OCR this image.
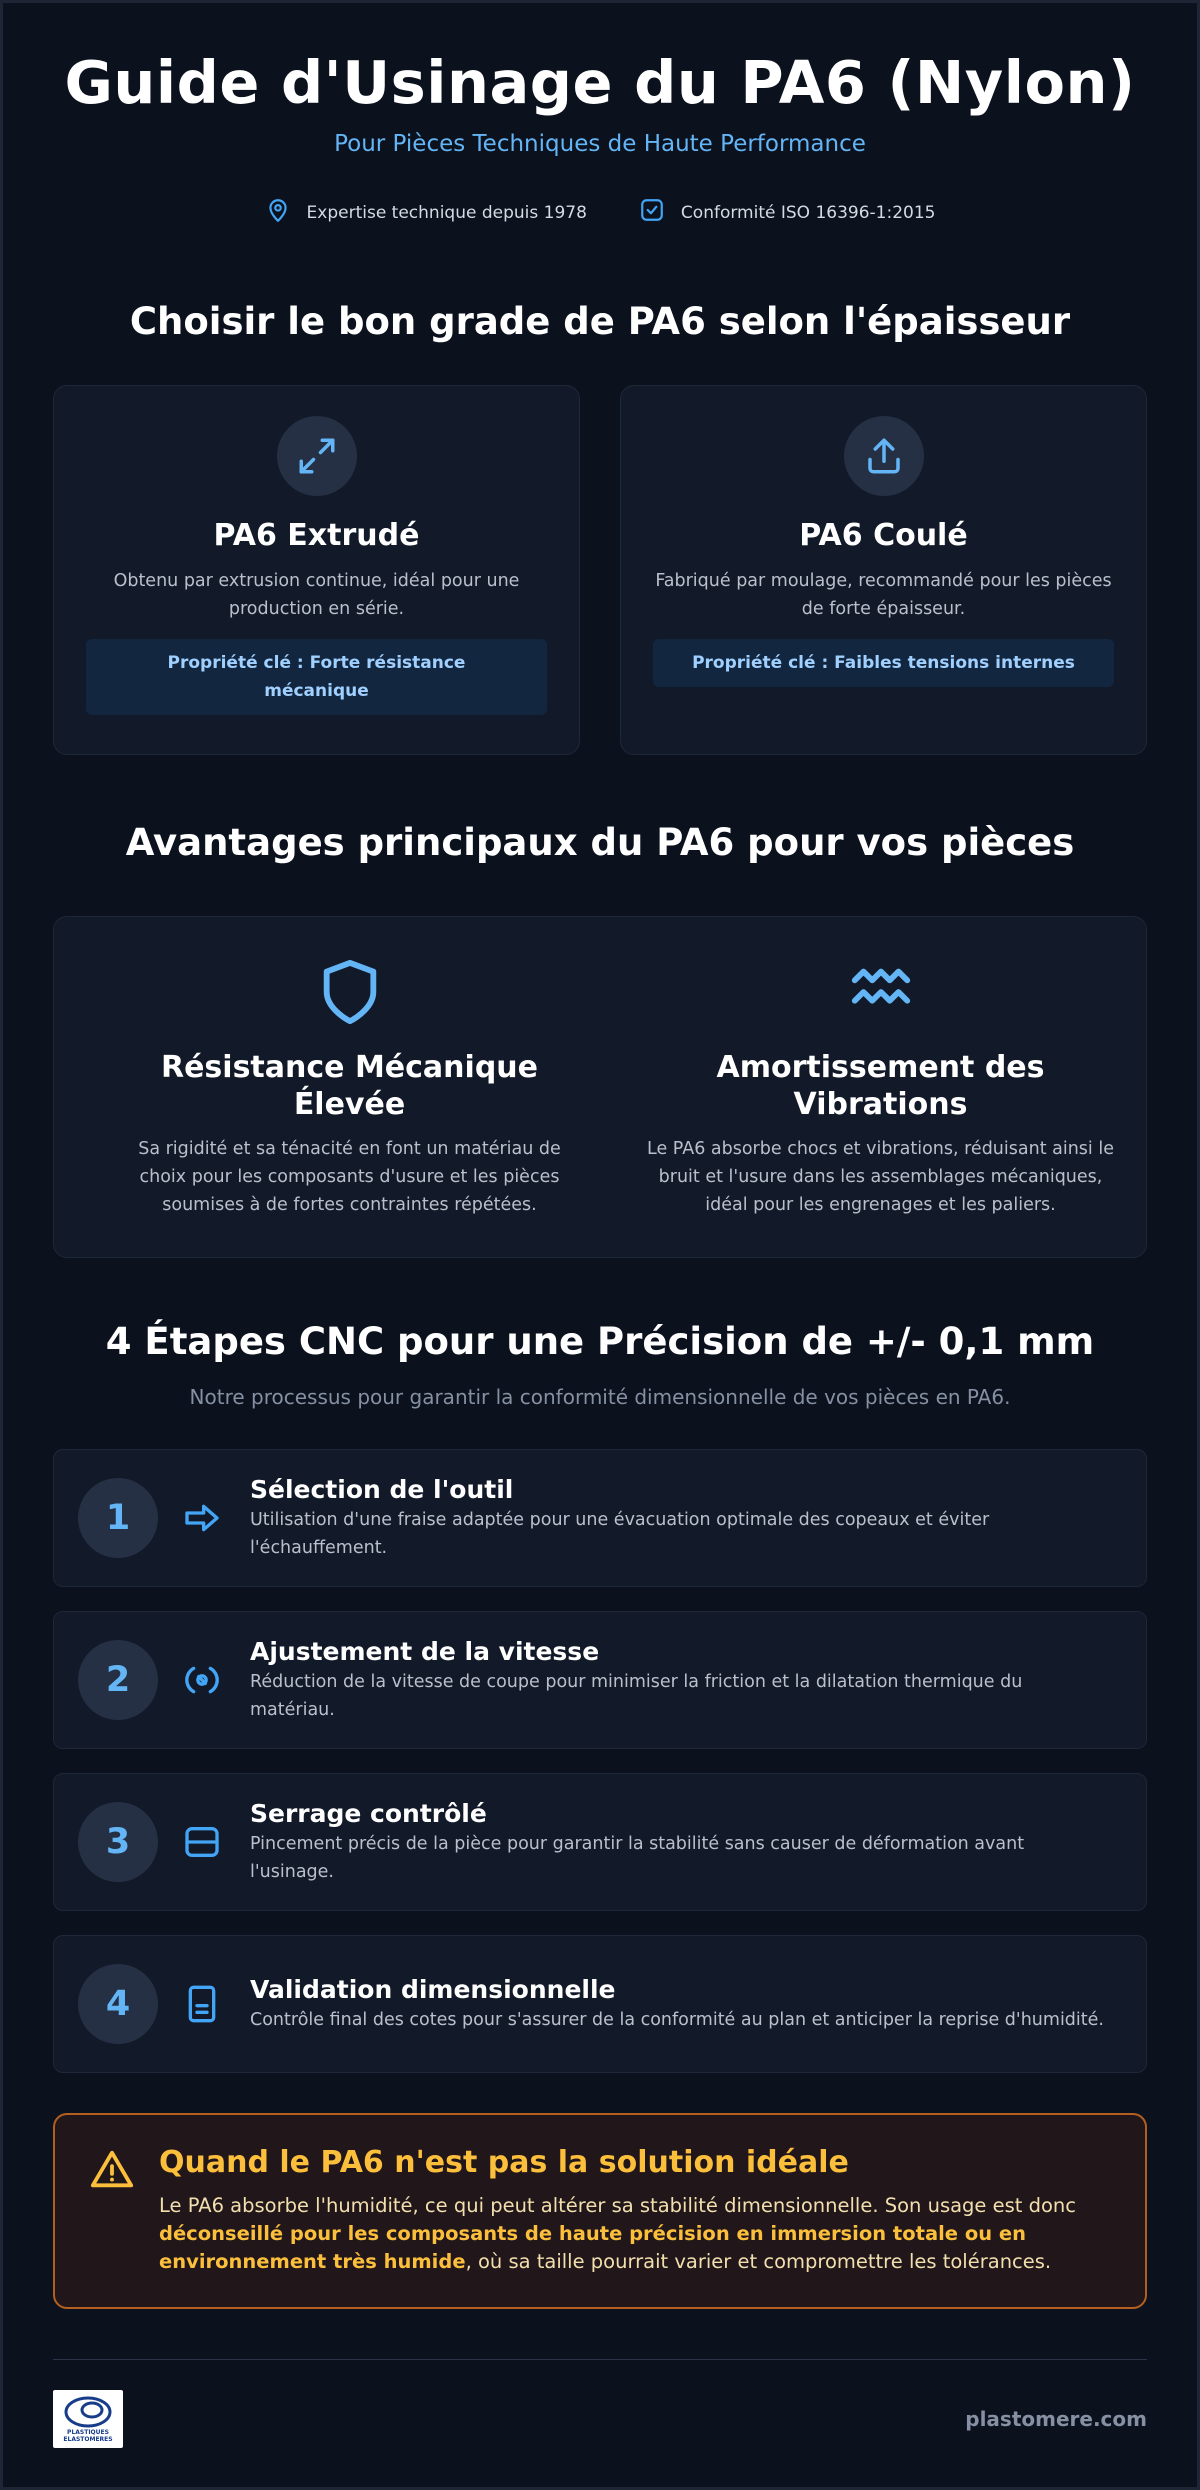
Guide d'Usinage du PA6 (Nylon)
Pour Pièces Techniques de Haute Performance
Expertise technique depuis 1978	Conformité ISO 16396-1:2015
Choisir le bon grade de PA6 selon l'épaisseur
PA6 Extrudé
Obtenu par extrusion continue, idéal pour une production en série.
Propriété clé : Forte résistance mécanique
PA6 Coulé
Fabriqué par moulage, recommandé pour les pièces de forte épaisseur.
Propriété clé : Faibles tensions internes
Avantages principaux du PA6 pour vos pièces
Résistance Mécanique Élevée
Sa rigidité et sa ténacité en font un matériau de choix pour les composants d'usure et les pièces soumises à de fortes contraintes répétées.
Amortissement des Vibrations
Le PA6 absorbe chocs et vibrations, réduisant ainsi le bruit et l'usure dans les assemblages mécaniques, idéal pour les engrenages et les paliers.
4 Étapes CNC pour une Précision de +/- 0,1 mm
Notre processus pour garantir la conformité dimensionnelle de vos pièces en PA6.
1
Sélection de l'outil
Utilisation d'une fraise adaptée pour une évacuation optimale des copeaux et éviter l'échauffement.
2
Ajustement de la vitesse
Réduction de la vitesse de coupe pour minimiser la friction et la dilatation thermique du matériau.
3
Serrage contrôlé
Pincement précis de la pièce pour garantir la stabilité sans causer de déformation avant l'usinage.
4	Validation dimensionnelle
Contrôle final des cotes pour s'assurer de la conformité au plan et anticiper la reprise d'humidité.
Quand le PA6 n'est pas la solution idéale

Le PA6 absorbe l'humidité, ce qui peut altérer sa stabilité dimensionnelle. Son usage est donc déconseillé pour les composants de haute précision en immersion totale ou en environnement très humide, où sa taille pourrait varier et compromettre les tolérances.

PLASTIQUES ELASTOMERES
plastomere.com
